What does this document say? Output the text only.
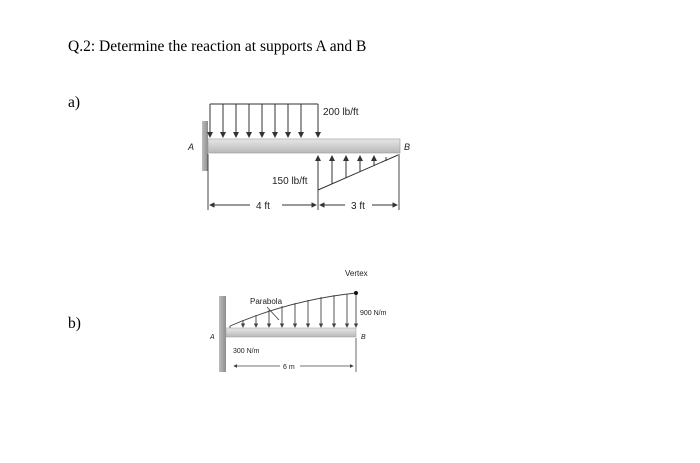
Q.2: Determine the reaction at supports A and B
a)
b)
A	B
200 lb/ft
150 lb/ft
4 ft	3 ft
A	B
Parabola
Vertex
900 N/m
300 N/m
6 m
